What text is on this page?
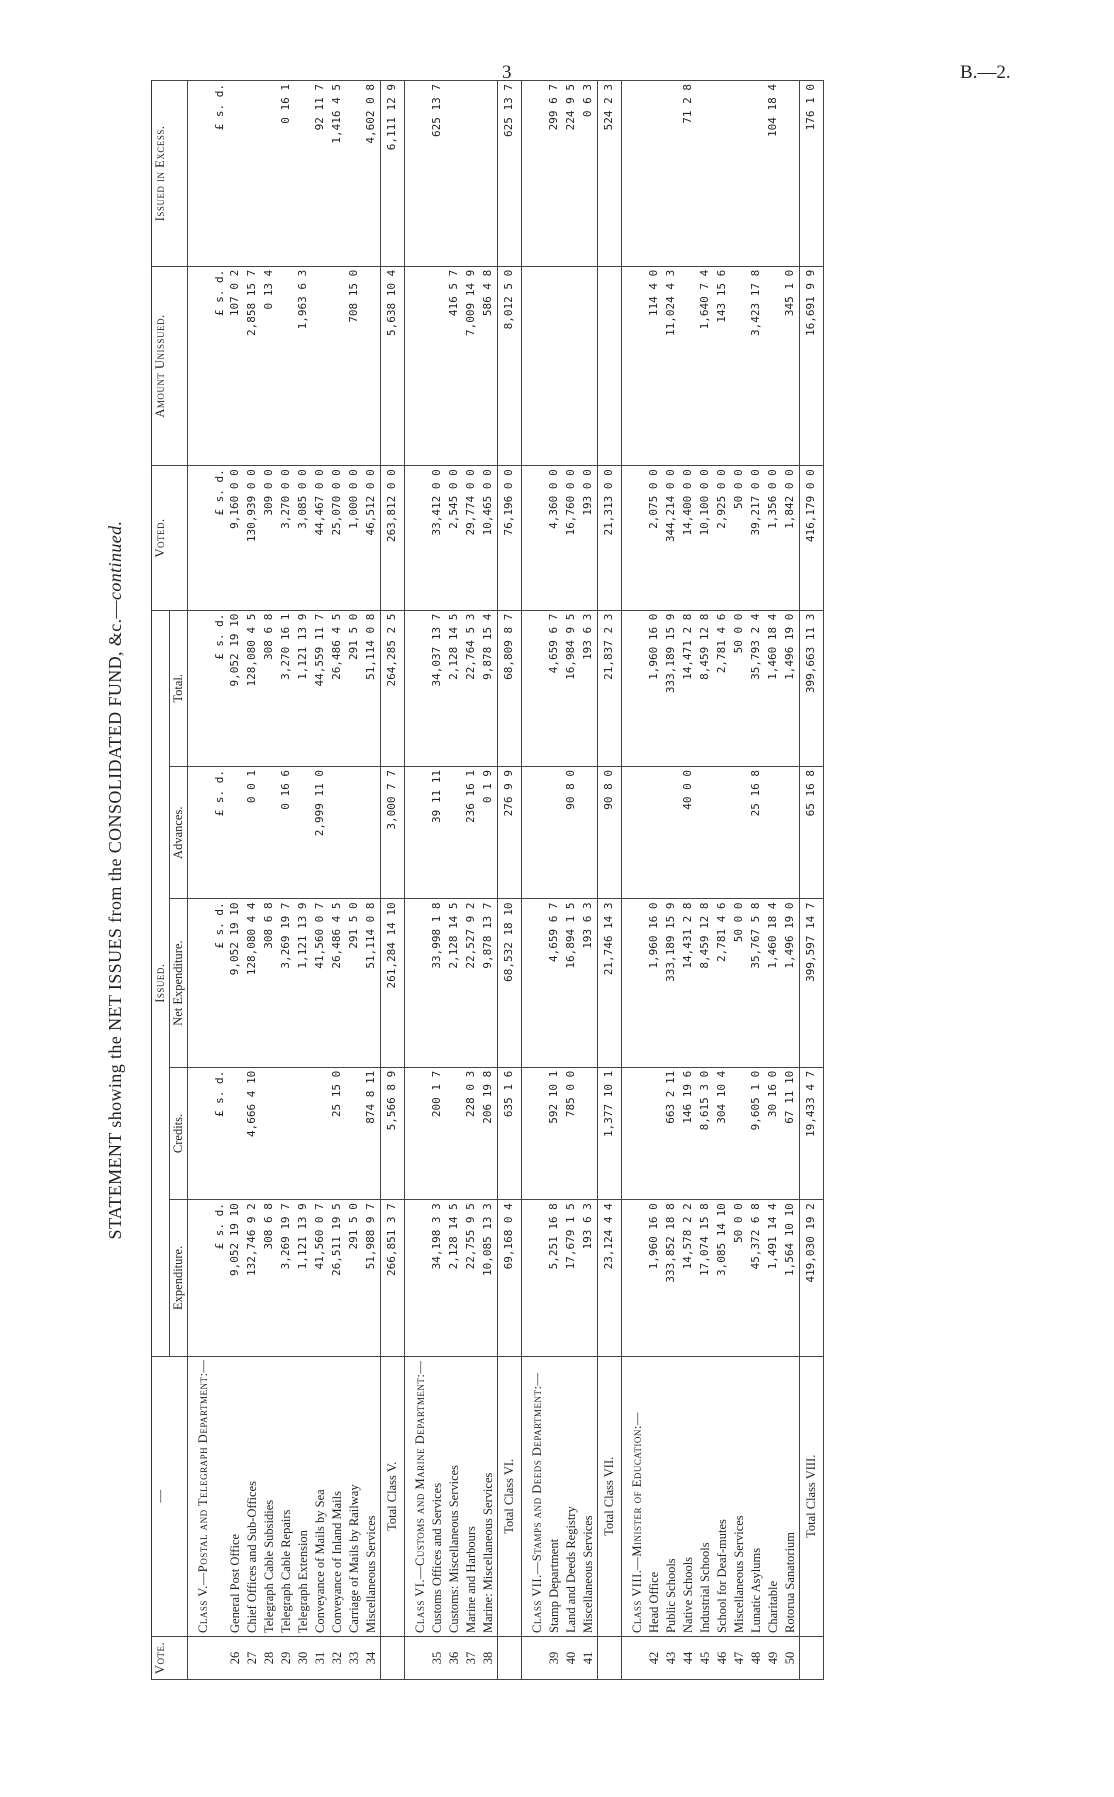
3	B.—2.
STATEMENT showing the NET ISSUES from the CONSOLIDATED FUND, &c.—continued.
Vote.	—	Issued.					Voted.	Amount Unissued.	Issued in Excess.
		Expenditure.	Credits.	Net Expenditure.	Advances.	Total.			
	Class V.—Postal and Telegraph Department:—								
		£ s. d.	£ s. d.	£ s. d.	£ s. d.	£ s. d.	£ s. d.	£ s. d.	£ s. d.
26	General Post Office	9,052 19 10		9,052 19 10		9,052 19 10	9,160 0 0	107 0 2	
27	Chief Offices and Sub-Offices	132,746 9 2	4,666 4 10	128,080 4 4	0 0 1	128,080 4 5	130,939 0 0	2,858 15 7	
28	Telegraph Cable Subsidies	308 6 8		308 6 8		308 6 8	309 0 0	0 13 4	
29	Telegraph Cable Repairs	3,269 19 7		3,269 19 7	0 16 6	3,270 16 1	3,270 0 0		0 16 1
30	Telegraph Extension	1,121 13 9		1,121 13 9		1,121 13 9	3,085 0 0	1,963 6 3	
31	Conveyance of Mails by Sea	41,560 0 7		41,560 0 7	2,999 11 0	44,559 11 7	44,467 0 0		92 11 7
32	Conveyance of Inland Mails	26,511 19 5	25 15 0	26,486 4 5		26,486 4 5	25,070 0 0		1,416 4 5
33	Carriage of Mails by Railway	291 5 0		291 5 0		291 5 0	1,000 0 0	708 15 0	
34	Miscellaneous Services	51,988 9 7	874 8 11	51,114 0 8		51,114 0 8	46,512 0 0		4,602 0 8
	Total Class V.	266,851 3 7	5,566 8 9	261,284 14 10	3,000 7 7	264,285 2 5	263,812 0 0	5,638 10 4	6,111 12 9
	Class VI.—Customs and Marine Department:—								
35	Customs Offices and Services	34,198 3 3	200 1 7	33,998 1 8	39 11 11	34,037 13 7	33,412 0 0		625 13 7
36	Customs: Miscellaneous Services	2,128 14 5		2,128 14 5		2,128 14 5	2,545 0 0	416 5 7	
37	Marine and Harbours	22,755 9 5	228 0 3	22,527 9 2	236 16 1	22,764 5 3	29,774 0 0	7,009 14 9	
38	Marine: Miscellaneous Services	10,085 13 3	206 19 8	9,878 13 7	0 1 9	9,878 15 4	10,465 0 0	586 4 8	
	Total Class VI.	69,168 0 4	635 1 6	68,532 18 10	276 9 9	68,809 8 7	76,196 0 0	8,012 5 0	625 13 7
	Class VII.—Stamps and Deeds Department:—								
39	Stamp Department	5,251 16 8	592 10 1	4,659 6 7		4,659 6 7	4,360 0 0		299 6 7
40	Land and Deeds Registry	17,679 1 5	785 0 0	16,894 1 5	90 8 0	16,984 9 5	16,760 0 0		224 9 5
41	Miscellaneous Services	193 6 3		193 6 3		193 6 3	193 0 0		0 6 3
	Total Class VII.	23,124 4 4	1,377 10 1	21,746 14 3	90 8 0	21,837 2 3	21,313 0 0		524 2 3
	Class VIII.—Minister of Education:—								
42	Head Office	1,960 16 0		1,960 16 0		1,960 16 0	2,075 0 0	114 4 0	
43	Public Schools	333,852 18 8	663 2 11	333,189 15 9		333,189 15 9	344,214 0 0	11,024 4 3	
44	Native Schools	14,578 2 2	146 19 6	14,431 2 8	40 0 0	14,471 2 8	14,400 0 0		71 2 8
45	Industrial Schools	17,074 15 8	8,615 3 0	8,459 12 8		8,459 12 8	10,100 0 0	1,640 7 4	
46	School for Deaf-mutes	3,085 14 10	304 10 4	2,781 4 6		2,781 4 6	2,925 0 0	143 15 6	
47	Miscellaneous Services	50 0 0		50 0 0		50 0 0	50 0 0		
48	Lunatic Asylums	45,372 6 8	9,605 1 0	35,767 5 8	25 16 8	35,793 2 4	39,217 0 0	3,423 17 8	
49	Charitable	1,491 14 4	30 16 0	1,460 18 4		1,460 18 4	1,356 0 0		104 18 4
50	Rotorua Sanatorium	1,564 10 10	67 11 10	1,496 19 0		1,496 19 0	1,842 0 0	345 1 0	
	Total Class VIII.	419,030 19 2	19,433 4 7	399,597 14 7	65 16 8	399,663 11 3	416,179 0 0	16,691 9 9	176 1 0
